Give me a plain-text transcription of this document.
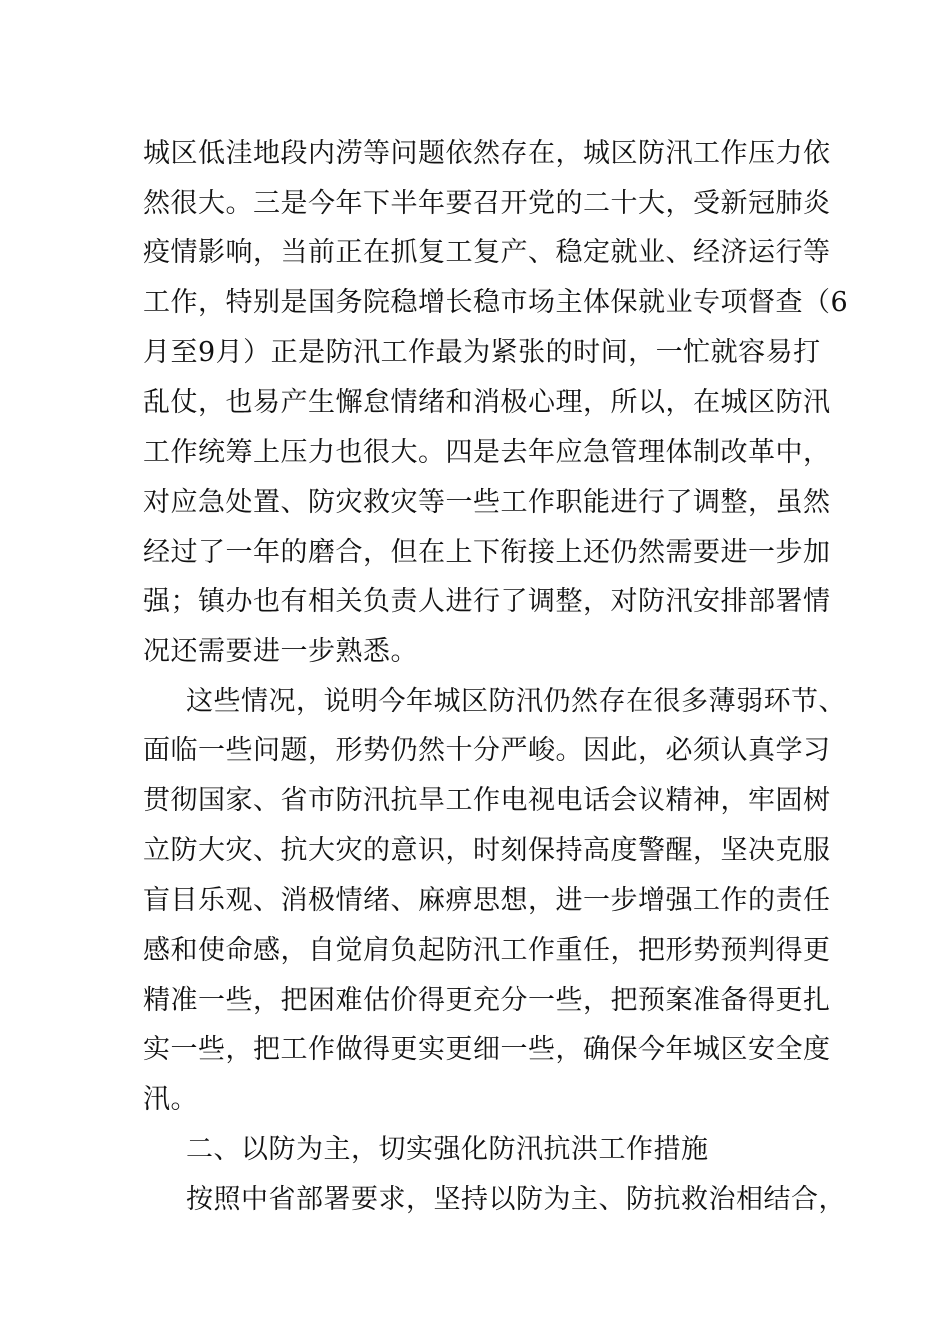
城区低洼地段内涝等问题依然存在，城区防汛工作压力依
然很大。三是今年下半年要召开党的二十大，受新冠肺炎
疫情影响，当前正在抓复工复产、稳定就业、经济运行等
工作，特别是国务院稳增长稳市场主体保就业专项督查（6
月至9月）正是防汛工作最为紧张的时间，一忙就容易打
乱仗，也易产生懈怠情绪和消极心理，所以，在城区防汛
工作统筹上压力也很大。四是去年应急管理体制改革中，
对应急处置、防灾救灾等一些工作职能进行了调整，虽然
经过了一年的磨合，但在上下衔接上还仍然需要进一步加
强；镇办也有相关负责人进行了调整，对防汛安排部署情
况还需要进一步熟悉。
这些情况，说明今年城区防汛仍然存在很多薄弱环节、
面临一些问题，形势仍然十分严峻。因此，必须认真学习
贯彻国家、省市防汛抗旱工作电视电话会议精神，牢固树
立防大灾、抗大灾的意识，时刻保持高度警醒，坚决克服
盲目乐观、消极情绪、麻痹思想，进一步增强工作的责任
感和使命感，自觉肩负起防汛工作重任，把形势预判得更
精准一些，把困难估价得更充分一些，把预案准备得更扎
实一些，把工作做得更实更细一些，确保今年城区安全度
汛。
二、以防为主，切实强化防汛抗洪工作措施
按照中省部署要求，坚持以防为主、防抗救治相结合，
